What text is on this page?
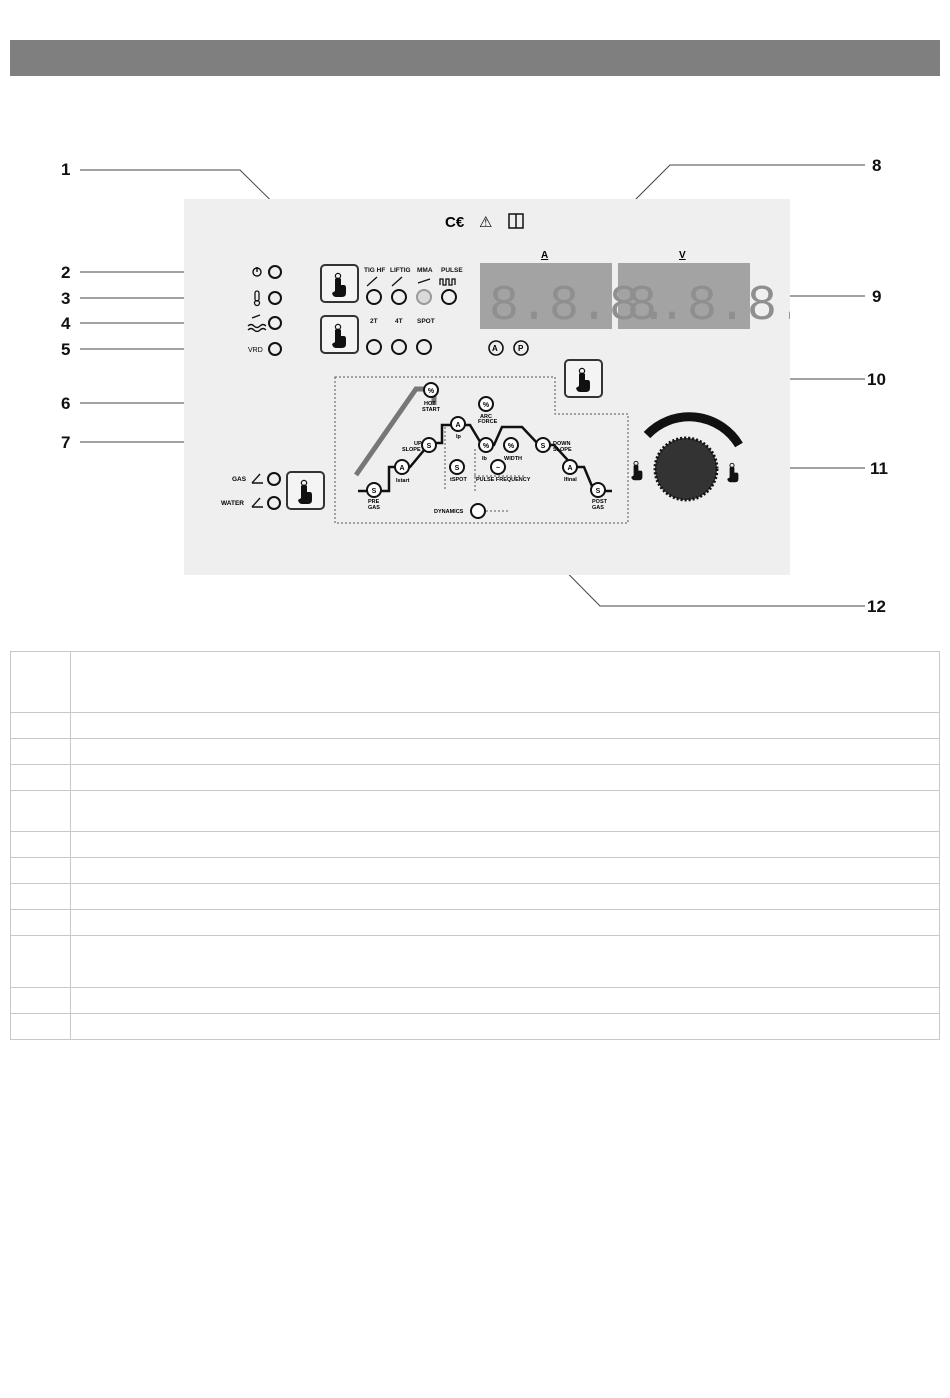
1
2
3
4
5
6
7
8
9
10
11
12
C€ ⚠
VRD
TIG HF LIFTIG MMA PULSE
2T	4T SPOT
A	V
8.8.8.
8.8.8.
A	P
GAS
WATER
S
A
S
A
%
%
%	%	S
A
S
S	~
HOT
START
ARC
FORCE
UP
SLOPE
DOWN
SLOPE
Istart
Ip
Ib	WIDTH
Ifinal
tSPOT PULSE FREQUENCY
PRE
GAS
POST
GAS
DYNAMICS
